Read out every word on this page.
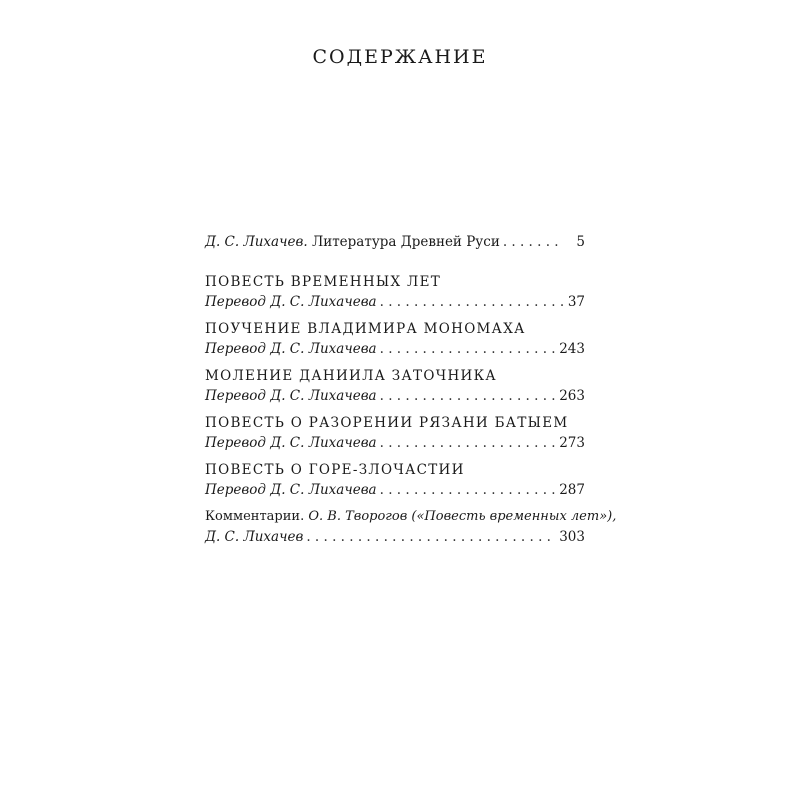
СОДЕРЖАНИЕ
Д. С. Лихачев.
Литература Древней Руси . . .	5
ПОВЕСТЬ ВРЕМЕННЫХ ЛЕТ
Перевод Д. С. Лихачева . . .	37
ПОУЧЕНИЕ ВЛАДИМИРА МОНОМАХА
Перевод Д. С. Лихачева . . .	243
МОЛЕНИЕ ДАНИИЛА ЗАТОЧНИКА
Перевод Д. С. Лихачева . . .	263
ПОВЕСТЬ О РАЗОРЕНИИ РЯЗАНИ БАТЫЕМ
Перевод Д. С. Лихачева . . .	273
ПОВЕСТЬ О ГОРЕ-ЗЛОЧАСТИИ
Перевод Д. С. Лихачева . . .	287
Комментарии.
О. В. Творогов
(«Повесть временных лет»),
Д. С. Лихачев . . .	303
